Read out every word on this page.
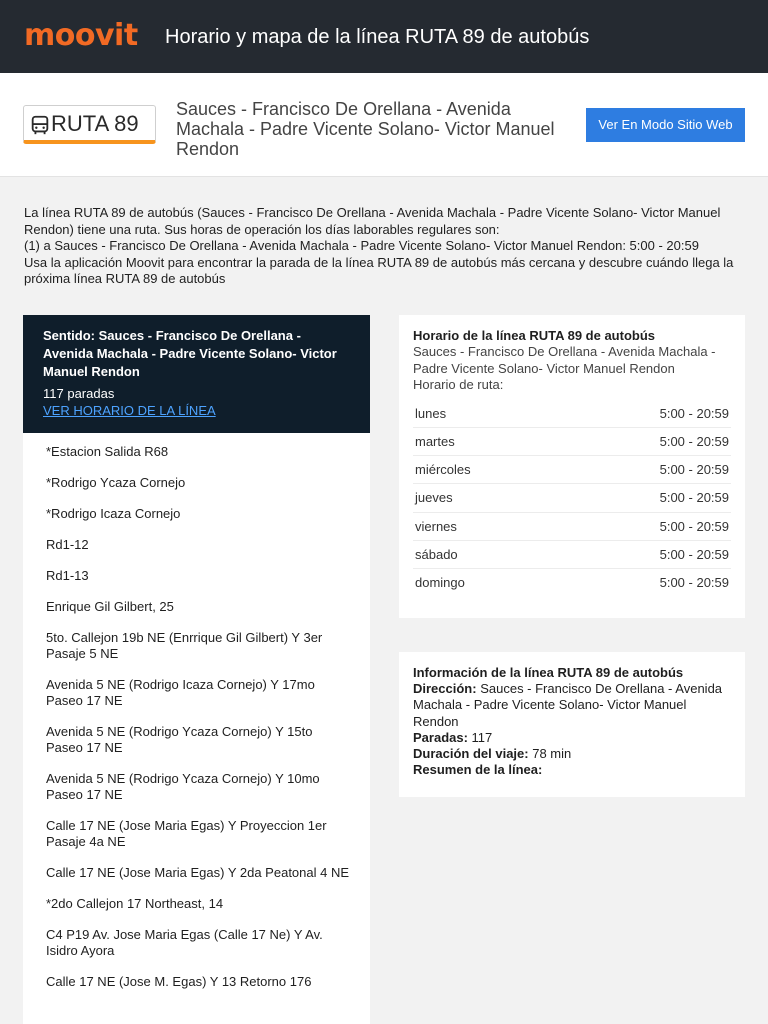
moovit Horario y mapa de la línea RUTA 89 de autobús
RUTA 89
Sauces - Francisco De Orellana - Avenida Machala - Padre Vicente Solano- Victor Manuel Rendon
Ver En Modo Sitio Web

La línea RUTA 89 de autobús (Sauces - Francisco De Orellana - Avenida Machala - Padre Vicente Solano- Victor Manuel Rendon) tiene una ruta. Sus horas de operación los días laborables regulares son:

(1) a Sauces - Francisco De Orellana - Avenida Machala - Padre Vicente Solano- Victor Manuel Rendon: 5:00 - 20:59

Usa la aplicación Moovit para encontrar la parada de la línea RUTA 89 de autobús más cercana y descubre cuándo llega la próxima línea RUTA 89 de autobús

Sentido: Sauces - Francisco De Orellana - Avenida Machala - Padre Vicente Solano- Victor Manuel Rendon
117 paradas
VER HORARIO DE LA LÍNEA
*Estacion Salida R68
*Rodrigo Ycaza Cornejo
*Rodrigo Icaza Cornejo
Rd1-12
Rd1-13
Enrique Gil Gilbert, 25
5to. Callejon 19b NE (Enrrique Gil Gilbert) Y 3er Pasaje 5 NE
Avenida 5 NE (Rodrigo Icaza Cornejo) Y 17mo Paseo 17 NE
Avenida 5 NE (Rodrigo Ycaza Cornejo) Y 15to Paseo 17 NE
Avenida 5 NE (Rodrigo Ycaza Cornejo) Y 10mo Paseo 17 NE
Calle 17 NE (Jose Maria Egas) Y Proyeccion 1er Pasaje 4a NE
Calle 17 NE (Jose Maria Egas) Y 2da Peatonal 4 NE
*2do Callejon 17 Northeast, 14
C4 P19 Av. Jose Maria Egas (Calle 17 Ne) Y Av. Isidro Ayora
Calle 17 NE (Jose M. Egas) Y 13 Retorno 176
Horario de la línea RUTA 89 de autobús
Sauces - Francisco De Orellana - Avenida Machala - Padre Vicente Solano- Victor Manuel Rendon
Horario de ruta:
lunes	5:00 - 20:59
martes	5:00 - 20:59
miércoles	5:00 - 20:59
jueves	5:00 - 20:59
viernes	5:00 - 20:59
sábado	5:00 - 20:59
domingo	5:00 - 20:59
Información de la línea RUTA 89 de autobús
Dirección: Sauces - Francisco De Orellana - Avenida Machala - Padre Vicente Solano- Victor Manuel Rendon
Paradas: 117
Duración del viaje: 78 min
Resumen de la línea:
